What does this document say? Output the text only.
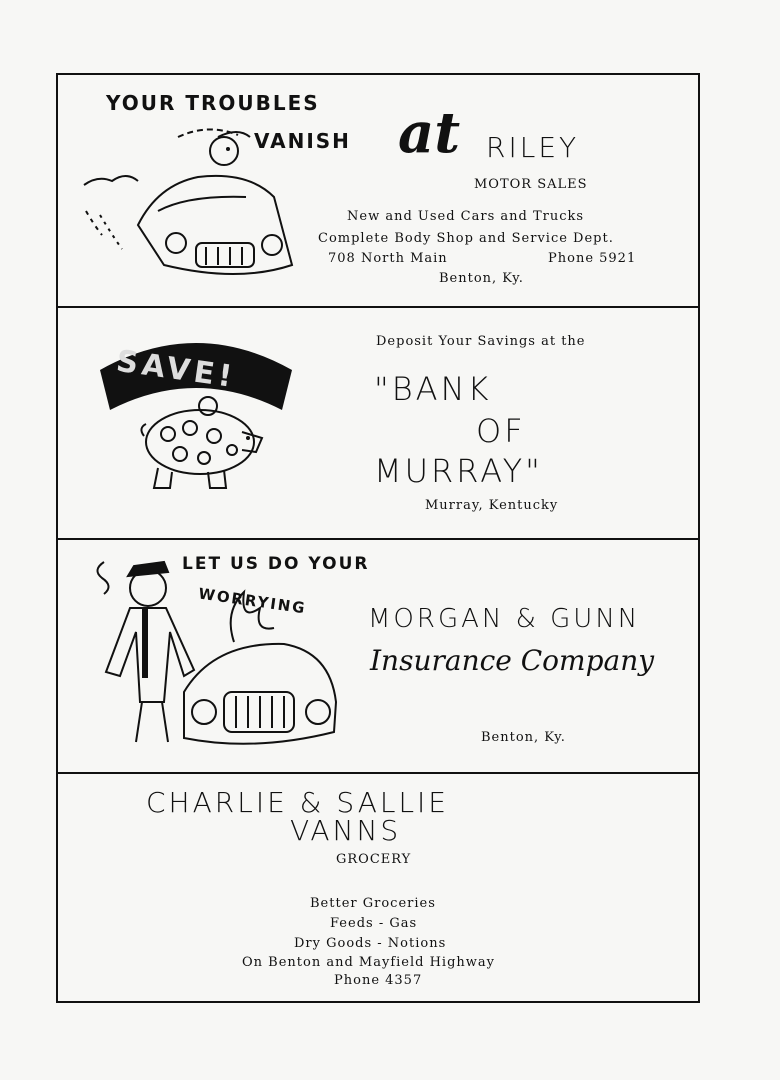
YOUR TROUBLES
VANISH at RILEY
MOTOR SALES
New and Used Cars and Trucks
Complete Body Shop and Service Dept.
708 North Main	Phone 5921
Benton, Ky.
SAVE!
Deposit Your Savings at the
"BANK
OF
MURRAY"
Murray, Kentucky
LET US DO YOUR
WORRYING
MORGAN & GUNN
Insurance Company
Benton, Ky.
CHARLIE & SALLIE
VANNS
GROCERY
Better Groceries
Feeds - Gas
Dry Goods - Notions
On Benton and Mayfield Highway
Phone 4357
